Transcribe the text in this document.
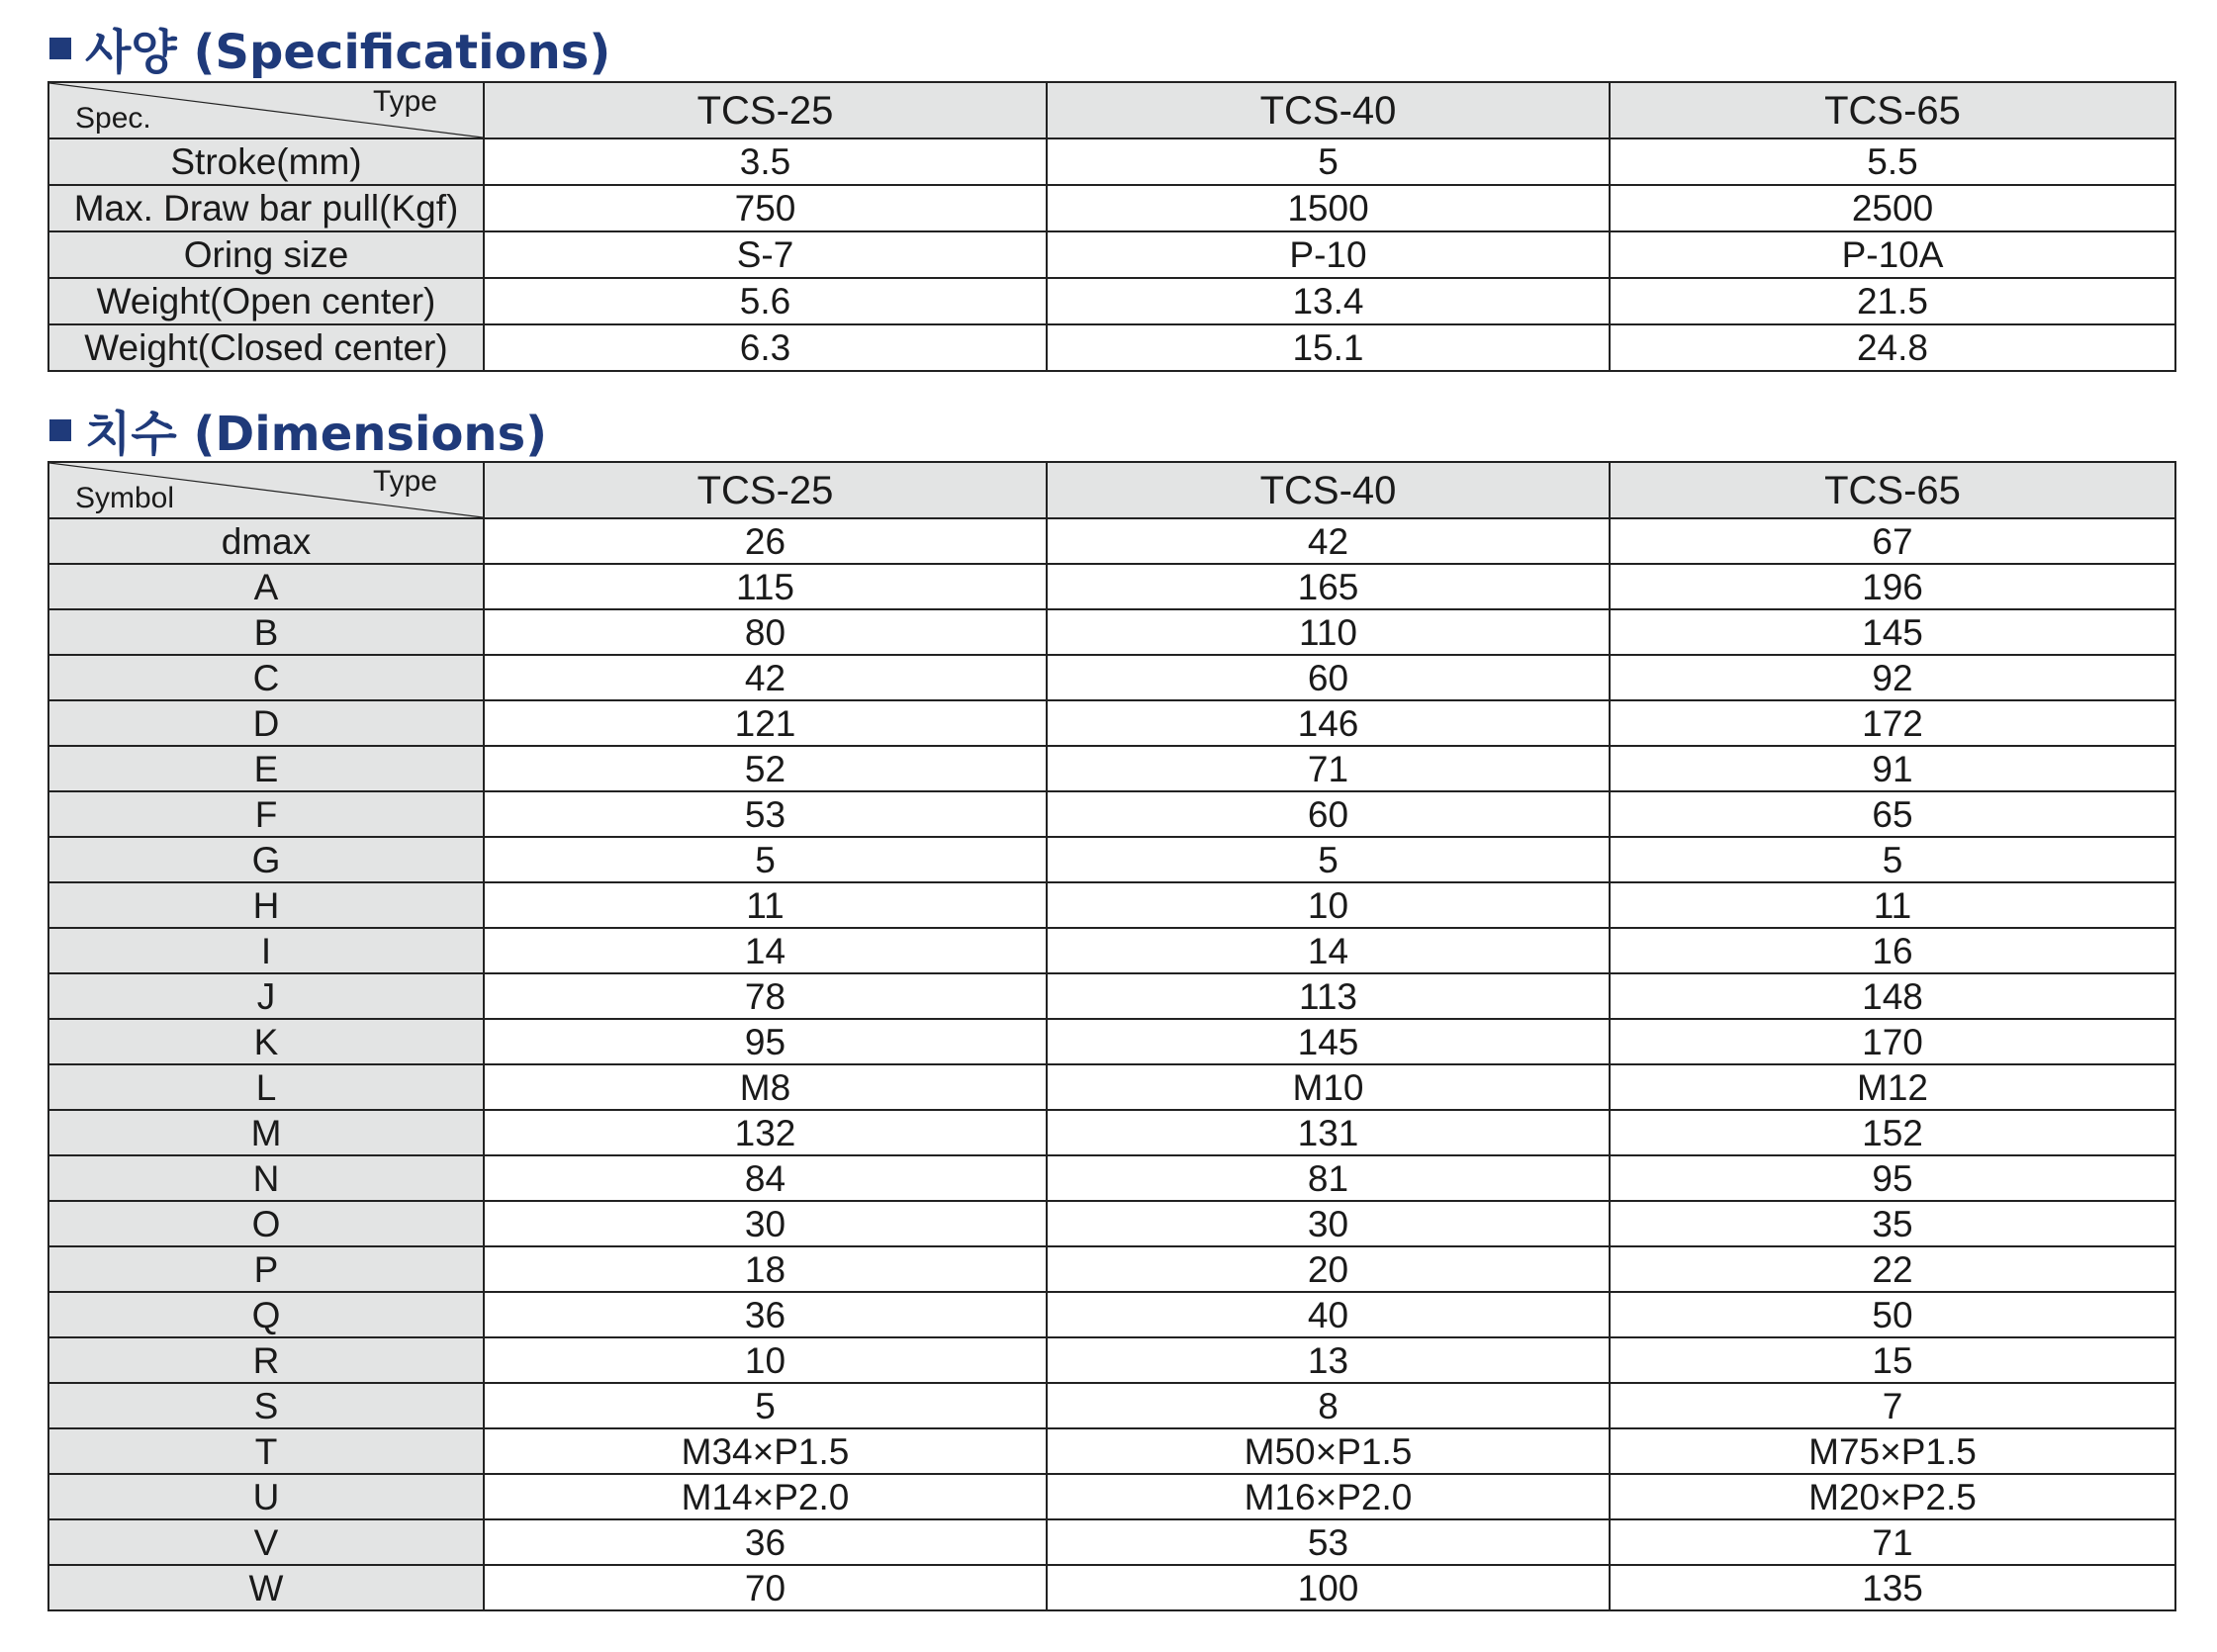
사양 (Specifications)
Type
Spec.	TCS-25	TCS-40	TCS-65
Stroke(mm)	3.5	5	5.5
Max. Draw bar pull(Kgf)	750	1500	2500
Oring size	S-7	P-10	P-10A
Weight(Open center)	5.6	13.4	21.5
Weight(Closed center)	6.3	15.1	24.8
치수 (Dimensions)
Type
Symbol	TCS-25	TCS-40	TCS-65
dmax	26	42	67
A	115	165	196
B	80	110	145
C	42	60	92
D	121	146	172
E	52	71	91
F	53	60	65
G	5	5	5
H	11	10	11
I	14	14	16
J	78	113	148
K	95	145	170
L	M8	M10	M12
M	132	131	152
N	84	81	95
O	30	30	35
P	18	20	22
Q	36	40	50
R	10	13	15
S	5	8	7
T	M34×P1.5	M50×P1.5	M75×P1.5
U	M14×P2.0	M16×P2.0	M20×P2.5
V	36	53	71
W	70	100	135
